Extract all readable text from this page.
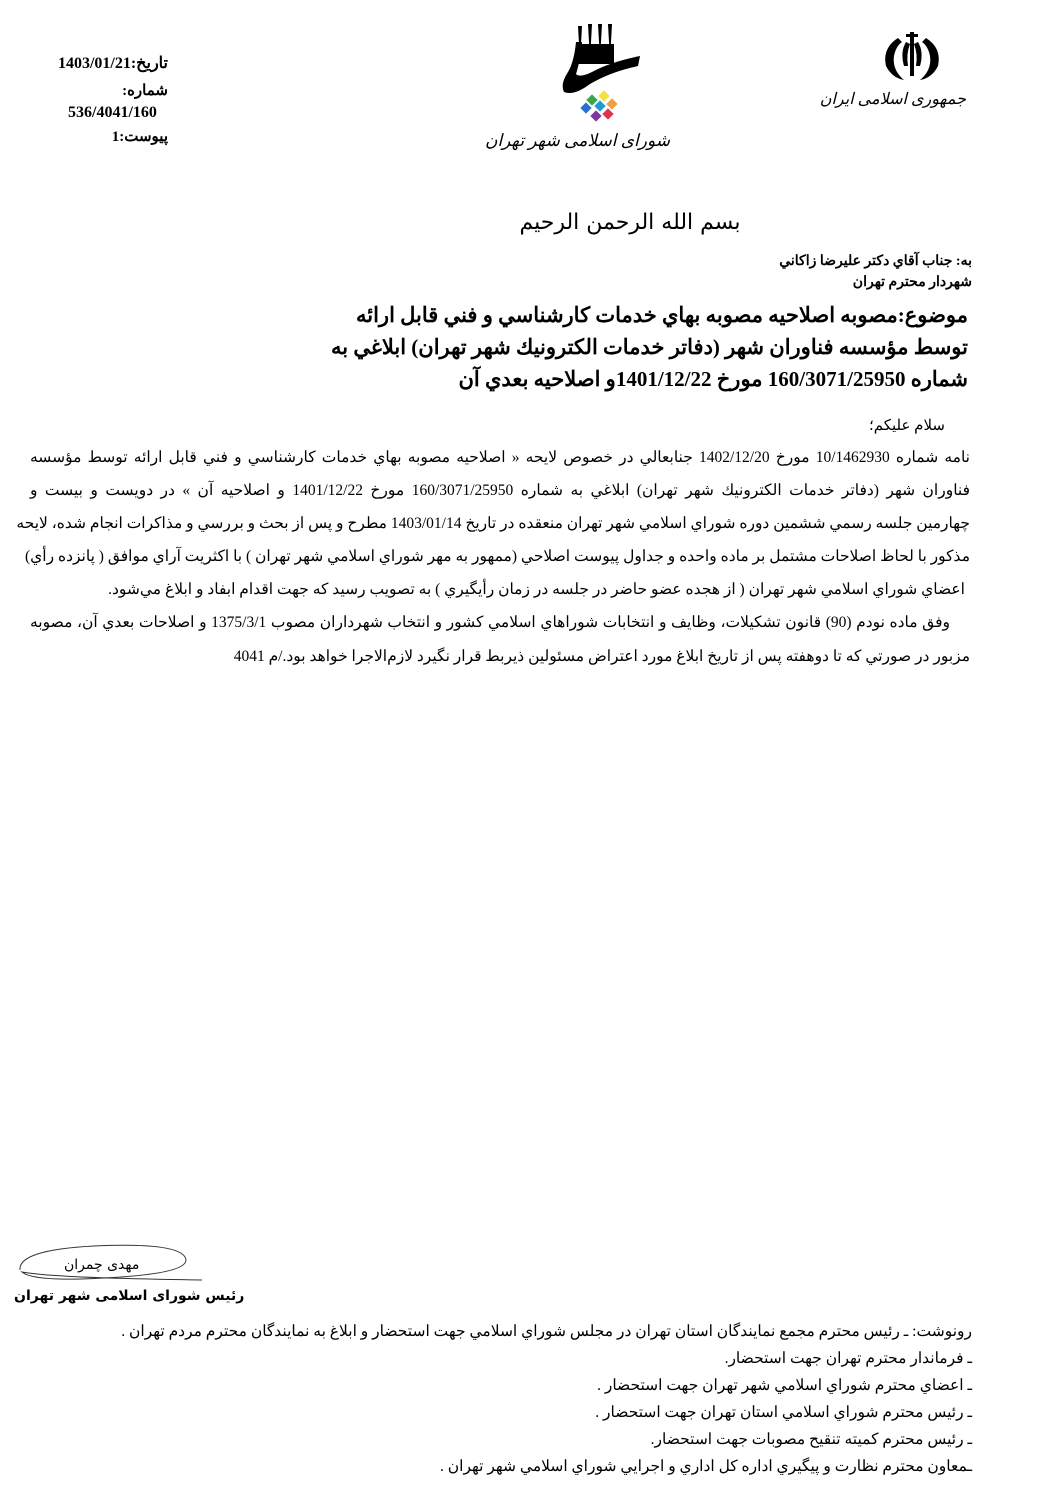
تاريخ:1403/01/21
شماره:
536/4041/160
پيوست:1	شورای اسلامی شهر تهران
جمهوری اسلامی ایران
بسم الله الرحمن الرحيم
به: جناب آقاي دكتر عليرضا زاكاني
شهردار محترم تهران
موضوع:مصوبه اصلاحيه مصوبه بهاي خدمات كارشناسي و فني قابل ارائه
توسط مؤسسه فناوران شهر (دفاتر خدمات الكترونيك شهر تهران) ابلاغي به
شماره 160/3071/25950 مورخ 1401/12/22و اصلاحيه بعدي آن
سلام عليكم؛
نامه شماره 10/1462930 مورخ 1402/12/20 جنابعالي در خصوص لايحه « اصلاحيه مصوبه بهاي خدمات كارشناسي و فني قابل ارائه توسط مؤسسه
فناوران شهر (دفاتر خدمات الكترونيك شهر تهران) ابلاغي به شماره 160/3071/25950 مورخ 1401/12/22 و اصلاحيه آن » در دويست و بيست و
چهارمين جلسه رسمي ششمين دوره شوراي اسلامي شهر تهران منعقده در تاريخ 1403/01/14 مطرح و پس از بحث و بررسي و مذاكرات انجام شده، لايحه
مذكور با لحاظ اصلاحات مشتمل بر ماده واحده و جداول پيوست اصلاحي (ممهور به مهر شوراي اسلامي شهر تهران ) با اكثريت آراي موافق ( پانزده رأي)
اعضاي شوراي اسلامي شهر تهران ( از هجده عضو حاضر در جلسه در زمان رأيگيري ) به تصويب رسيد كه جهت اقدام ابفاد و ابلاغ مي‌شود.
وفق ماده نودم (90) قانون تشكيلات، وظايف و انتخابات شوراهاي اسلامي كشور و انتخاب شهرداران مصوب 1375/3/1 و اصلاحات بعدي آن، مصوبه
مزبور در صورتي كه تا دوهفته پس از تاريخ ابلاغ مورد اعتراض مسئولين ذيربط قرار نگيرد لازم‌الاجرا خواهد بود./م 4041
مهدی چمران
رئيس شورای اسلامی شهر تهران
رونوشت: ـ رئيس محترم مجمع نمايندگان استان تهران در مجلس شوراي اسلامي جهت استحضار و ابلاغ به نمايندگان محترم مردم تهران .
ـ فرماندار محترم تهران جهت استحضار.
ـ اعضاي محترم شوراي اسلامي شهر تهران جهت استحضار .
ـ رئيس محترم شوراي اسلامي استان تهران جهت استحضار .
ـ رئيس محترم كميته تنقيح مصوبات جهت استحضار.
ـمعاون محترم نظارت و پيگيري اداره كل اداري و اجرايي شوراي اسلامي شهر تهران .
